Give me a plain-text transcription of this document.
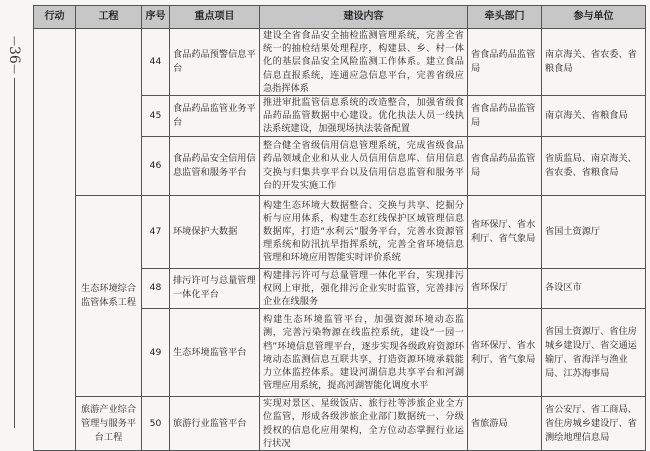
—
36
—
行动	工程	序号	重点项目	建设内容	牵头部门	参与单位
		44	食品药品预警信息平台	建设全省食品安全抽检监测管理系统，完善全省统一的抽检结果处理程序，构建县、乡、村一体化的基层食品安全风险监测工作体系。建立食品信息直报系统，连通应急信息平台，完善省级应急指挥体系	省食品药品监管局	南京海关、省农委、省粮食局
		45	食品药品监管业务平台	推进审批监管信息系统的改造整合，加强省级食品药品监管数据中心建设。优化执法人员一线执法系统建设，加强现场执法装备配置	省食品药品监管局	南京海关、省粮食局
		46	食品药品安全信用信息监管和服务平台	整合健全省级信用信息管理系统，完成省级食品药品领域企业和从业人员信用信息库、信用信息交换与归集共享平台以及信用信息监管和服务平台的开发实施工作	省食品药品监管局	省质监局、南京海关、省农委、省粮食局
	生态环境综合监管体系工程	47	环境保护大数据	构建生态环境大数据整合、交换与共享、挖掘分析与应用体系，构建生态红线保护区域管理信息数据库，打造“水利云”服务平台，完善水资源管理系统和防汛抗旱指挥系统，完善全省环境信息管理和环境应用智能实时评价系统	省环保厅、省水利厅、省气象局	省国土资源厅
		48	排污许可与总量管理一体化平台	构建排污许可与总量管理一体化平台，实现排污权网上审批，强化排污企业实时监管，完善排污企业在线服务	省环保厅	各设区市
		49	生态环境监管平台	构建生态环境监管平台，加强资源环境动态监测，完善污染物源在线监控系统，建设“一园一档”环境信息管理平台，逐步实现各级政府资源环境动态监测信息互联共享，打造资源环境承载能力立体监控体系。建设河湖信息共享平台和河湖管理应用系统，提高河湖智能化调度水平	省环保厅、省水利厅、省气象局	省国土资源厅、省住房城乡建设厅、省交通运输厅、省海洋与渔业局、江苏海事局
	旅游产业综合管理与服务平台工程	50	旅游行业监管平台	实现对景区、星级饭店、旅行社等涉旅企业全方位监管，形成各级涉旅企业部门数据统一、分级授权的信息化应用架构，全方位动态掌握行业运行状况	省旅游局	省公安厅、省工商局、省住房城乡建设厅、省测绘地理信息局
